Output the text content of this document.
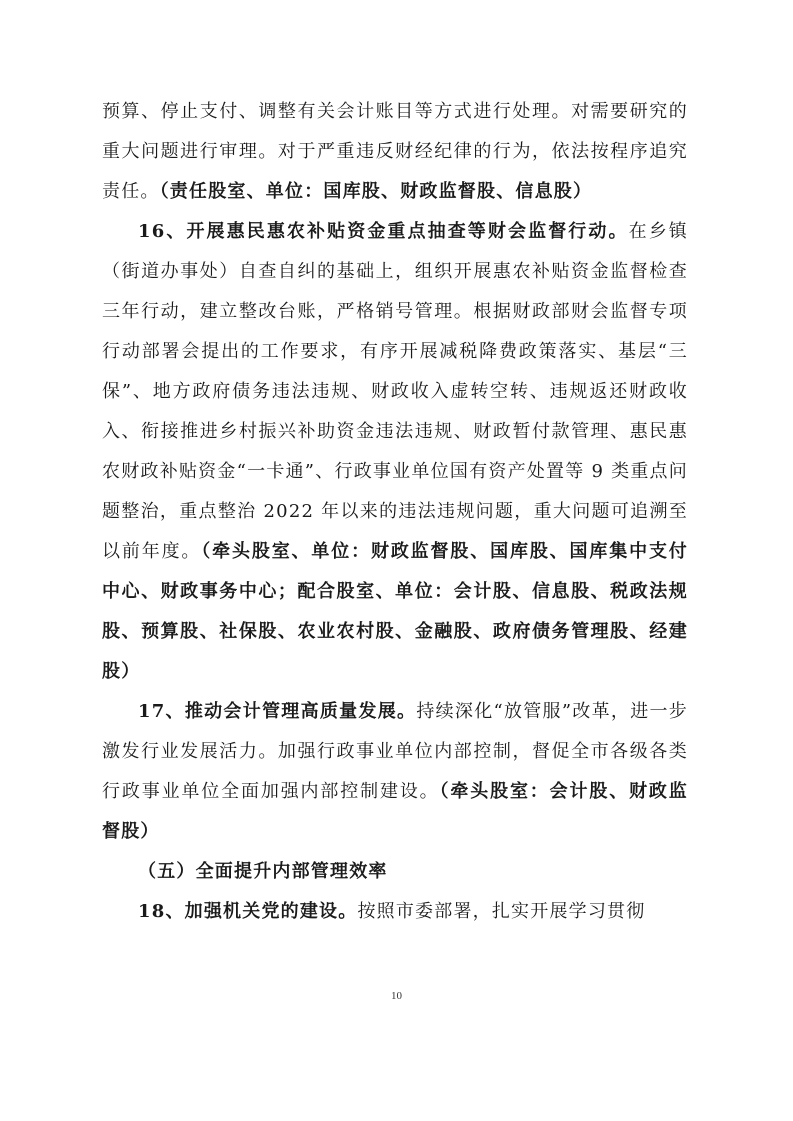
预算、停止支付、调整有关会计账目等方式进行处理。对需要研究的重大问题进行审理。对于严重违反财经纪律的行为，依法按程序追究责任。（责任股室、单位：国库股、财政监督股、信息股）

16、开展惠民惠农补贴资金重点抽查等财会监督行动。在乡镇（街道办事处）自查自纠的基础上，组织开展惠农补贴资金监督检查三年行动，建立整改台账，严格销号管理。根据财政部财会监督专项行动部署会提出的工作要求，有序开展减税降费政策落实、基层“三保”、地方政府债务违法违规、财政收入虚转空转、违规返还财政收入、衔接推进乡村振兴补助资金违法违规、财政暂付款管理、惠民惠农财政补贴资金“一卡通”、行政事业单位国有资产处置等 9 类重点问题整治，重点整治 2022 年以来的违法违规问题，重大问题可追溯至以前年度。（牵头股室、单位：财政监督股、国库股、国库集中支付中心、财政事务中心；配合股室、单位：会计股、信息股、税政法规股、预算股、社保股、农业农村股、金融股、政府债务管理股、经建股）

17、推动会计管理高质量发展。持续深化“放管服”改革，进一步激发行业发展活力。加强行政事业单位内部控制，督促全市各级各类行政事业单位全面加强内部控制建设。（牵头股室：会计股、财政监督股）

（五）全面提升内部管理效率

18、加强机关党的建设。按照市委部署，扎实开展学习贯彻

10
